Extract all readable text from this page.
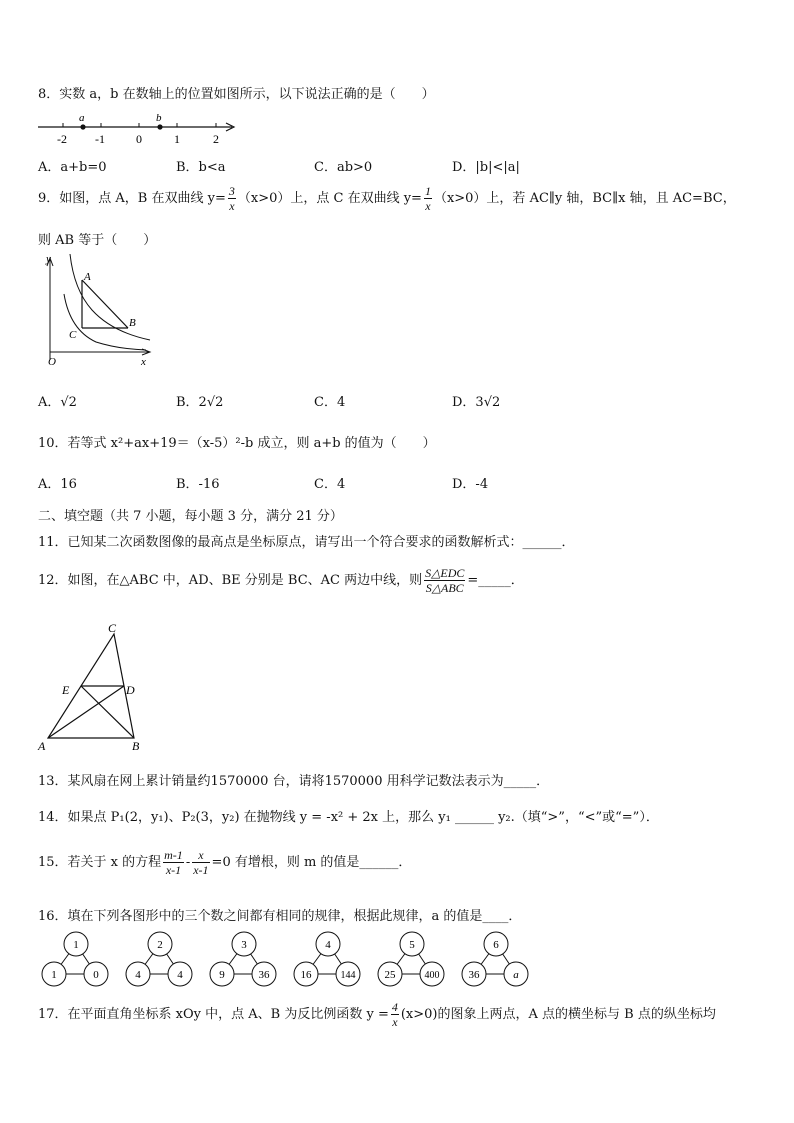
8．实数 a，b 在数轴上的位置如图所示，以下说法正确的是（　　）
a	b
-2 -1	0	1	2
A．a+b=0	B．b<a	C．ab>0	D．|b|<|a|
9．如图，点 A，B 在双曲线 $y= \frac{3}{x} (x>0)$上，点 C 在双曲线 $y= \frac{1}{x} (x>0)$上，若 AC∥y 轴，BC∥x 轴，且 AC=BC，
则 AB 等于（　　）
y
x
O
A
B
C
A．√2	B．2√2	C．4	D．3√2
10．若等式 x²+ax+19＝（x-5）²-b 成立，则 a+b 的值为（　　）
A．16	B．-16	C．4	D．-4
二、填空题（共 7 小题，每小题 3 分，满分 21 分）
11．已知某二次函数图像的最高点是坐标原点，请写出一个符合要求的函数解析式：______．
12．如图，在△ABC 中，AD、BE 分别是 BC、AC 两边中线，则 $\frac{\text{S△EDC}}{\text{S△ABC}}$ =_____．
C
E	D
A	B
13．某风扇在网上累计销量约1570000 台，请将1570000 用科学记数法表示为_____．
14．如果点 P₁(2，y₁)、P₂(3，y₂) 在抛物线 y = -x² + 2x 上，那么 y₁ ______ y₂.（填“>”，“<”或“=”）．
15．若关于 x 的方程 $\frac{m-1}{x-1} - \frac{x}{x-1} =0$ 有增根，则 m 的值是______．
16．填在下列各图形中的三个数之间都有相同的规律，根据此规律，a 的值是____．
1
1	0
2
4	4
3
9	36
4
16	144
5
25	400
6
36	a
17．在平面直角坐标系 xOy 中，点 A、B 为反比例函数 $y = \frac{4}{x} (x>0)$的图象上两点，A 点的横坐标与 B 点的纵坐标均
